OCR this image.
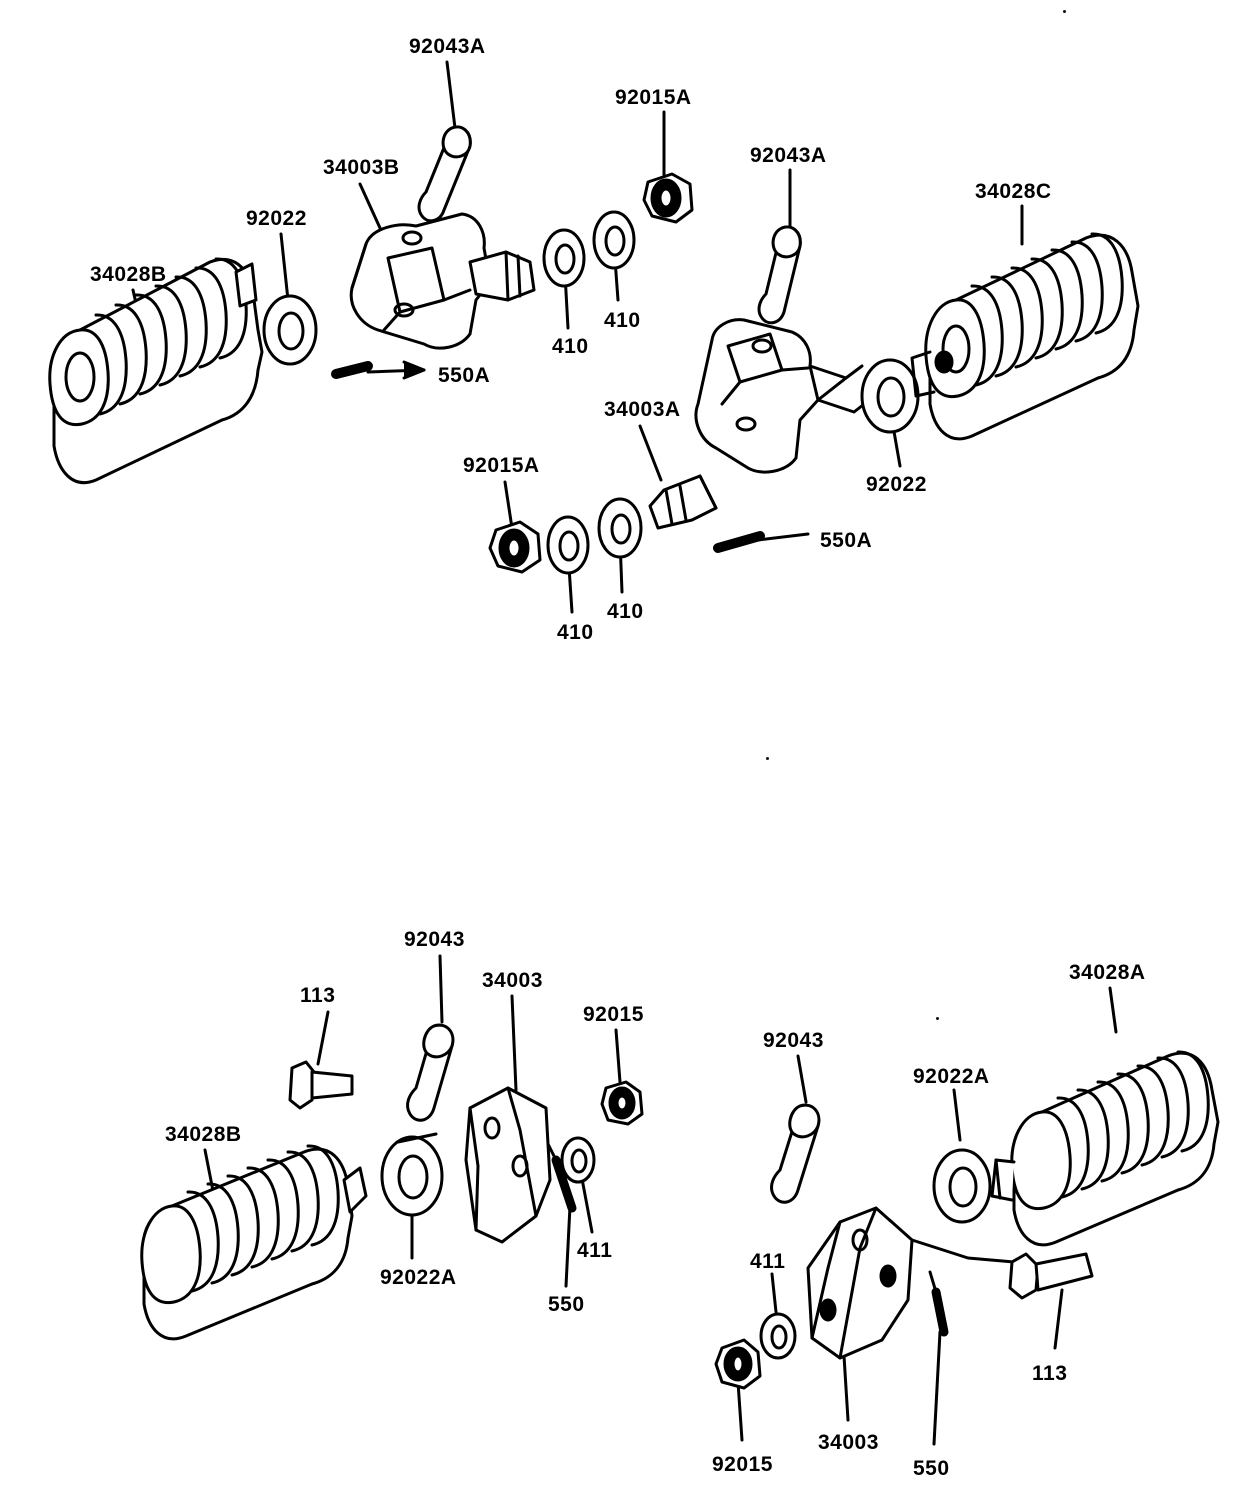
92043A
92015A
92043A
34003B
34028C
92022
34028B
410
410
550A
34003A
92022
92015A
410
410
550A
92043
34003
92015
113
34028B
411
92022A
550
34028A
92043
92022A
411
113
92015
34003
550
